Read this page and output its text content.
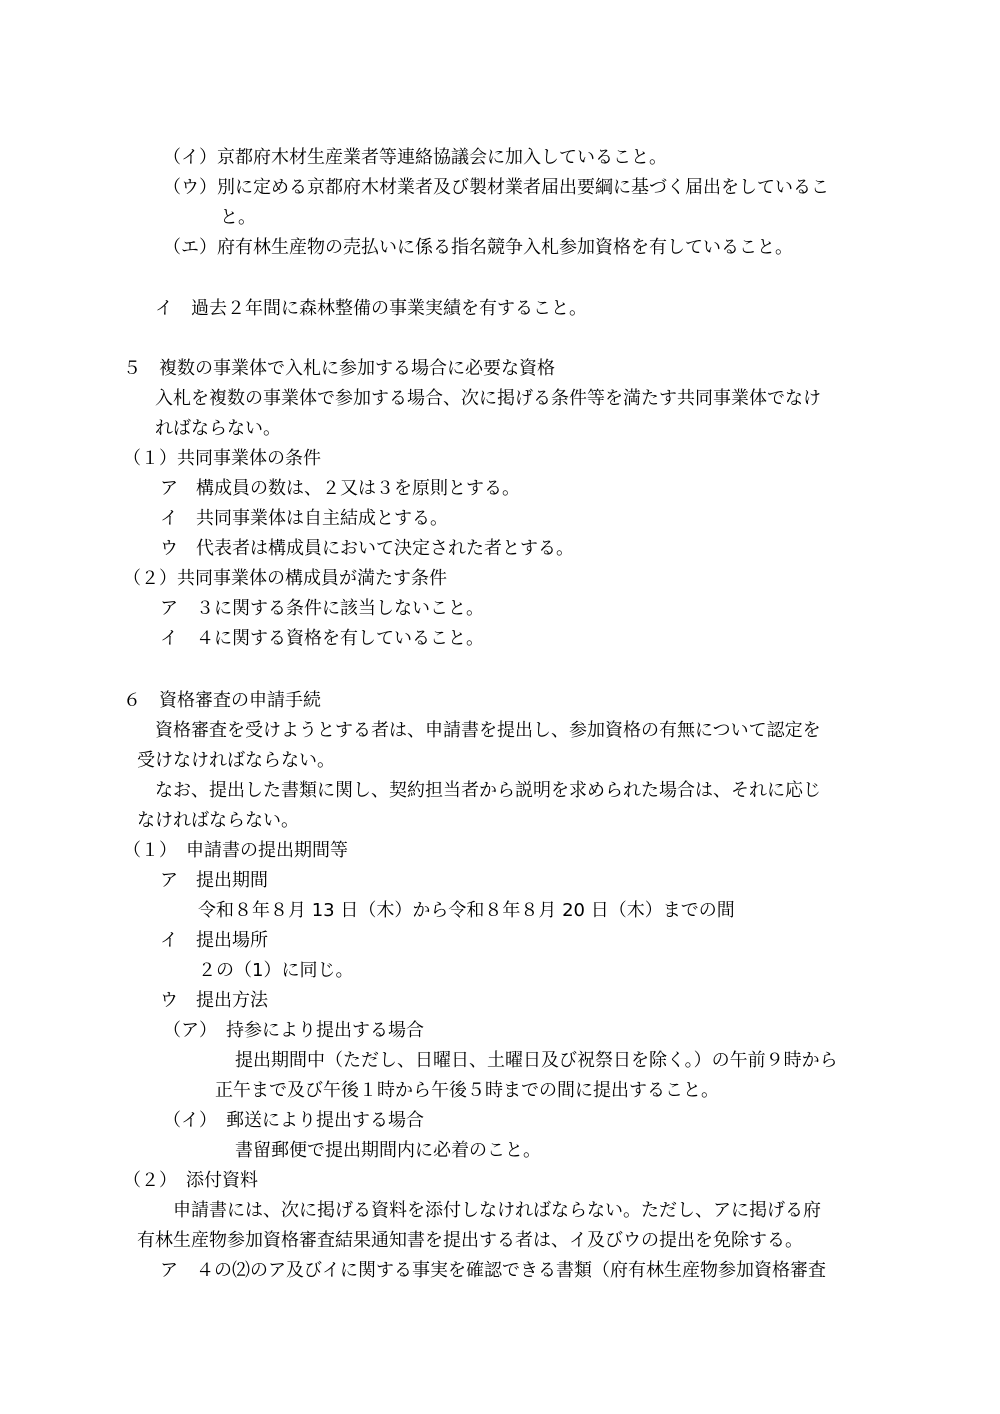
（イ）京都府木材生産業者等連絡協議会に加入していること。
（ウ）別に定める京都府木材業者及び製材業者届出要綱に基づく届出をしているこ
と。
（エ）府有林生産物の売払いに係る指名競争入札参加資格を有していること。
イ　過去２年間に森林整備の事業実績を有すること。
５　複数の事業体で入札に参加する場合に必要な資格
入札を複数の事業体で参加する場合、次に掲げる条件等を満たす共同事業体でなけ
ればならない。
（１）共同事業体の条件
ア　構成員の数は、２又は３を原則とする。
イ　共同事業体は自主結成とする。
ウ　代表者は構成員において決定された者とする。
（２）共同事業体の構成員が満たす条件
ア　３に関する条件に該当しないこと。
イ　４に関する資格を有していること。
６　資格審査の申請手続
資格審査を受けようとする者は、申請書を提出し、参加資格の有無について認定を
受けなければならない。
なお、提出した書類に関し、契約担当者から説明を求められた場合は、それに応じ
なければならない。
（１）　申請書の提出期間等
ア　提出期間
令和８年８月 13 日（木）から令和８年８月 20 日（木）までの間
イ　提出場所
２の（1）に同じ。
ウ　提出方法
（ア）　持参により提出する場合
提出期間中（ただし、日曜日、土曜日及び祝祭日を除く。）の午前９時から
正午まで及び午後１時から午後５時までの間に提出すること。
（イ）　郵送により提出する場合
書留郵便で提出期間内に必着のこと。
（２）　添付資料
申請書には、次に掲げる資料を添付しなければならない。ただし、アに掲げる府
有林生産物参加資格審査結果通知書を提出する者は、イ及びウの提出を免除する。
ア　４の⑵のア及びイに関する事実を確認できる書類（府有林生産物参加資格審査
